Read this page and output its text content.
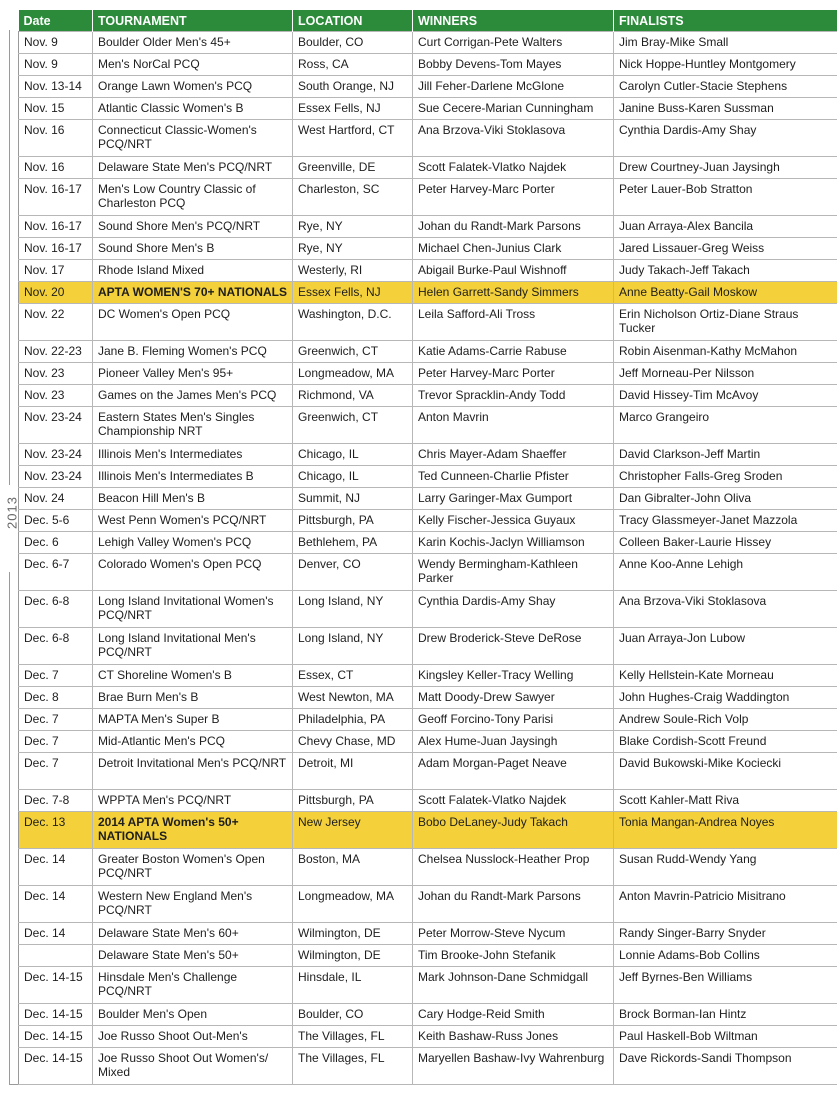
2013
Date	TOURNAMENT	LOCATION	WINNERS	FINALISTS
Nov. 9	Boulder Older Men's 45+	Boulder, CO	Curt Corrigan-Pete Walters	Jim Bray-Mike Small
Nov. 9	Men's NorCal PCQ	Ross, CA	Bobby Devens-Tom Mayes	Nick Hoppe-Huntley Montgomery
Nov. 13-14	Orange Lawn Women's PCQ	South Orange, NJ	Jill Feher-Darlene McGlone	Carolyn Cutler-Stacie Stephens
Nov. 15	Atlantic Classic Women's B	Essex Fells, NJ	Sue Cecere-Marian Cunningham	Janine Buss-Karen Sussman
Nov. 16	Connecticut Classic-Women's PCQ/NRT	West Hartford, CT	Ana Brzova-Viki Stoklasova	Cynthia Dardis-Amy Shay
Nov. 16	Delaware State Men's PCQ/NRT	Greenville, DE	Scott Falatek-Vlatko Najdek	Drew Courtney-Juan Jaysingh
Nov. 16-17	Men's Low Country Classic of Charleston PCQ	Charleston, SC	Peter Harvey-Marc Porter	Peter Lauer-Bob Stratton
Nov. 16-17	Sound Shore Men's PCQ/NRT	Rye, NY	Johan du Randt-Mark Parsons	Juan Arraya-Alex Bancila
Nov. 16-17	Sound Shore Men's B	Rye, NY	Michael Chen-Junius Clark	Jared Lissauer-Greg Weiss
Nov. 17	Rhode Island Mixed	Westerly, RI	Abigail Burke-Paul Wishnoff	Judy Takach-Jeff Takach
Nov. 20	APTA WOMEN'S 70+ NATIONALS	Essex Fells, NJ	Helen Garrett-Sandy Simmers	Anne Beatty-Gail Moskow
Nov. 22	DC Women's Open PCQ	Washington, D.C.	Leila Safford-Ali Tross	Erin Nicholson Ortiz-Diane Straus Tucker
Nov. 22-23	Jane B. Fleming Women's PCQ	Greenwich, CT	Katie Adams-Carrie Rabuse	Robin Aisenman-Kathy McMahon
Nov. 23	Pioneer Valley Men's 95+	Longmeadow, MA	Peter Harvey-Marc Porter	Jeff Morneau-Per Nilsson
Nov. 23	Games on the James Men's PCQ	Richmond, VA	Trevor Spracklin-Andy Todd	David Hissey-Tim McAvoy
Nov. 23-24	Eastern States Men's Singles Championship NRT	Greenwich, CT	Anton Mavrin	Marco Grangeiro
Nov. 23-24	Illinois Men's Intermediates	Chicago, IL	Chris Mayer-Adam Shaeffer	David Clarkson-Jeff Martin
Nov. 23-24	Illinois Men's Intermediates B	Chicago, IL	Ted Cunneen-Charlie Pfister	Christopher Falls-Greg Sroden
Nov. 24	Beacon Hill Men's B	Summit, NJ	Larry Garinger-Max Gumport	Dan Gibralter-John Oliva
Dec. 5-6	West Penn Women's PCQ/NRT	Pittsburgh, PA	Kelly Fischer-Jessica Guyaux	Tracy Glassmeyer-Janet Mazzola
Dec. 6	Lehigh Valley Women's PCQ	Bethlehem, PA	Karin Kochis-Jaclyn Williamson	Colleen Baker-Laurie Hissey
Dec. 6-7	Colorado Women's Open PCQ	Denver, CO	Wendy Bermingham-Kathleen Parker	Anne Koo-Anne Lehigh
Dec. 6-8	Long Island Invitational Women's PCQ/NRT	Long Island, NY	Cynthia Dardis-Amy Shay	Ana Brzova-Viki Stoklasova
Dec. 6-8	Long Island Invitational Men's PCQ/NRT	Long Island, NY	Drew Broderick-Steve DeRose	Juan Arraya-Jon Lubow
Dec. 7	CT Shoreline Women's B	Essex, CT	Kingsley Keller-Tracy Welling	Kelly Hellstein-Kate Morneau
Dec. 8	Brae Burn Men's B	West Newton, MA	Matt Doody-Drew Sawyer	John Hughes-Craig Waddington
Dec. 7	MAPTA Men's Super B	Philadelphia, PA	Geoff Forcino-Tony Parisi	Andrew Soule-Rich Volp
Dec. 7	Mid-Atlantic Men's PCQ	Chevy Chase, MD	Alex Hume-Juan Jaysingh	Blake Cordish-Scott Freund
Dec. 7	Detroit Invitational Men's PCQ/NRT	Detroit, MI	Adam Morgan-Paget Neave	David Bukowski-Mike Kociecki
Dec. 7-8	WPPTA Men's PCQ/NRT	Pittsburgh, PA	Scott Falatek-Vlatko Najdek	Scott Kahler-Matt Riva
Dec. 13	2014 APTA Women's 50+ NATIONALS	New Jersey	Bobo DeLaney-Judy Takach	Tonia Mangan-Andrea Noyes
Dec. 14	Greater Boston Women's Open PCQ/NRT	Boston, MA	Chelsea Nusslock-Heather Prop	Susan Rudd-Wendy Yang
Dec. 14	Western New England Men's PCQ/NRT	Longmeadow, MA	Johan du Randt-Mark Parsons	Anton Mavrin-Patricio Misitrano
Dec. 14	Delaware State Men's 60+	Wilmington, DE	Peter Morrow-Steve Nycum	Randy Singer-Barry Snyder
	Delaware State Men's 50+	Wilmington, DE	Tim Brooke-John Stefanik	Lonnie Adams-Bob Collins
Dec. 14-15	Hinsdale Men's Challenge PCQ/NRT	Hinsdale, IL	Mark Johnson-Dane Schmidgall	Jeff Byrnes-Ben Williams
Dec. 14-15	Boulder Men's Open	Boulder, CO	Cary Hodge-Reid Smith	Brock Borman-Ian Hintz
Dec. 14-15	Joe Russo Shoot Out-Men's	The Villages, FL	Keith Bashaw-Russ Jones	Paul Haskell-Bob Wiltman
Dec. 14-15	Joe Russo Shoot Out Women's/ Mixed	The Villages, FL	Maryellen Bashaw-Ivy Wahrenburg	Dave Rickords-Sandi Thompson
